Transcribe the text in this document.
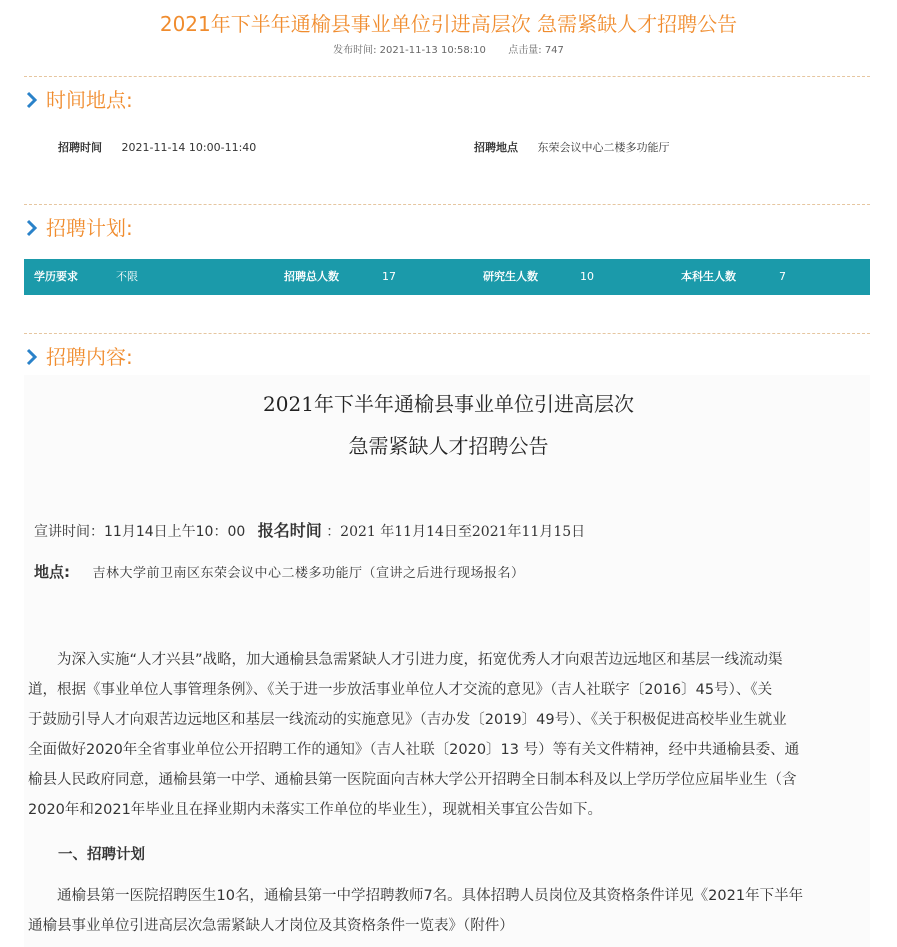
2021年下半年通榆县事业单位引进高层次 急需紧缺人才招聘公告
发布时间: 2021-11-13 10:58:10 点击量: 747
时间地点:
招聘时间 2021-11-14 10:00-11:40	招聘地点 东荣会议中心二楼多功能厅
招聘计划:
学历要求	不限	招聘总人数	17	研究生人数	10	本科生人数	7
招聘内容:
2021年下半年通榆县事业单位引进高层次
急需紧缺人才招聘公告
宣讲时间：11月14日上午10：00 报名时间 ：2021 年11月14日至2021年11月15日
地点: 吉林大学前卫南区东荣会议中心二楼多功能厅（宣讲之后进行现场报名）
　　为深入实施“人才兴县”战略，加大通榆县急需紧缺人才引进力度，拓宽优秀人才向艰苦边远地区和基层一线流动渠
道，根据《事业单位人事管理条例》、《关于进一步放活事业单位人才交流的意见》（吉人社联字〔2016〕45号）、《关
于鼓励引导人才向艰苦边远地区和基层一线流动的实施意见》（吉办发〔2019〕49号）、《关于积极促进高校毕业生就业
全面做好2020年全省事业单位公开招聘工作的通知》（吉人社联〔2020〕13 号）等有关文件精神，经中共通榆县委、通
榆县人民政府同意，通榆县第一中学、通榆县第一医院面向吉林大学公开招聘全日制本科及以上学历学位应届毕业生（含
2020年和2021年毕业且在择业期内未落实工作单位的毕业生），现就相关事宜公告如下。
一、招聘计划
　　通榆县第一医院招聘医生10名，通榆县第一中学招聘教师7名。具体招聘人员岗位及其资格条件详见《2021年下半年
通榆县事业单位引进高层次急需紧缺人才岗位及其资格条件一览表》（附件）
